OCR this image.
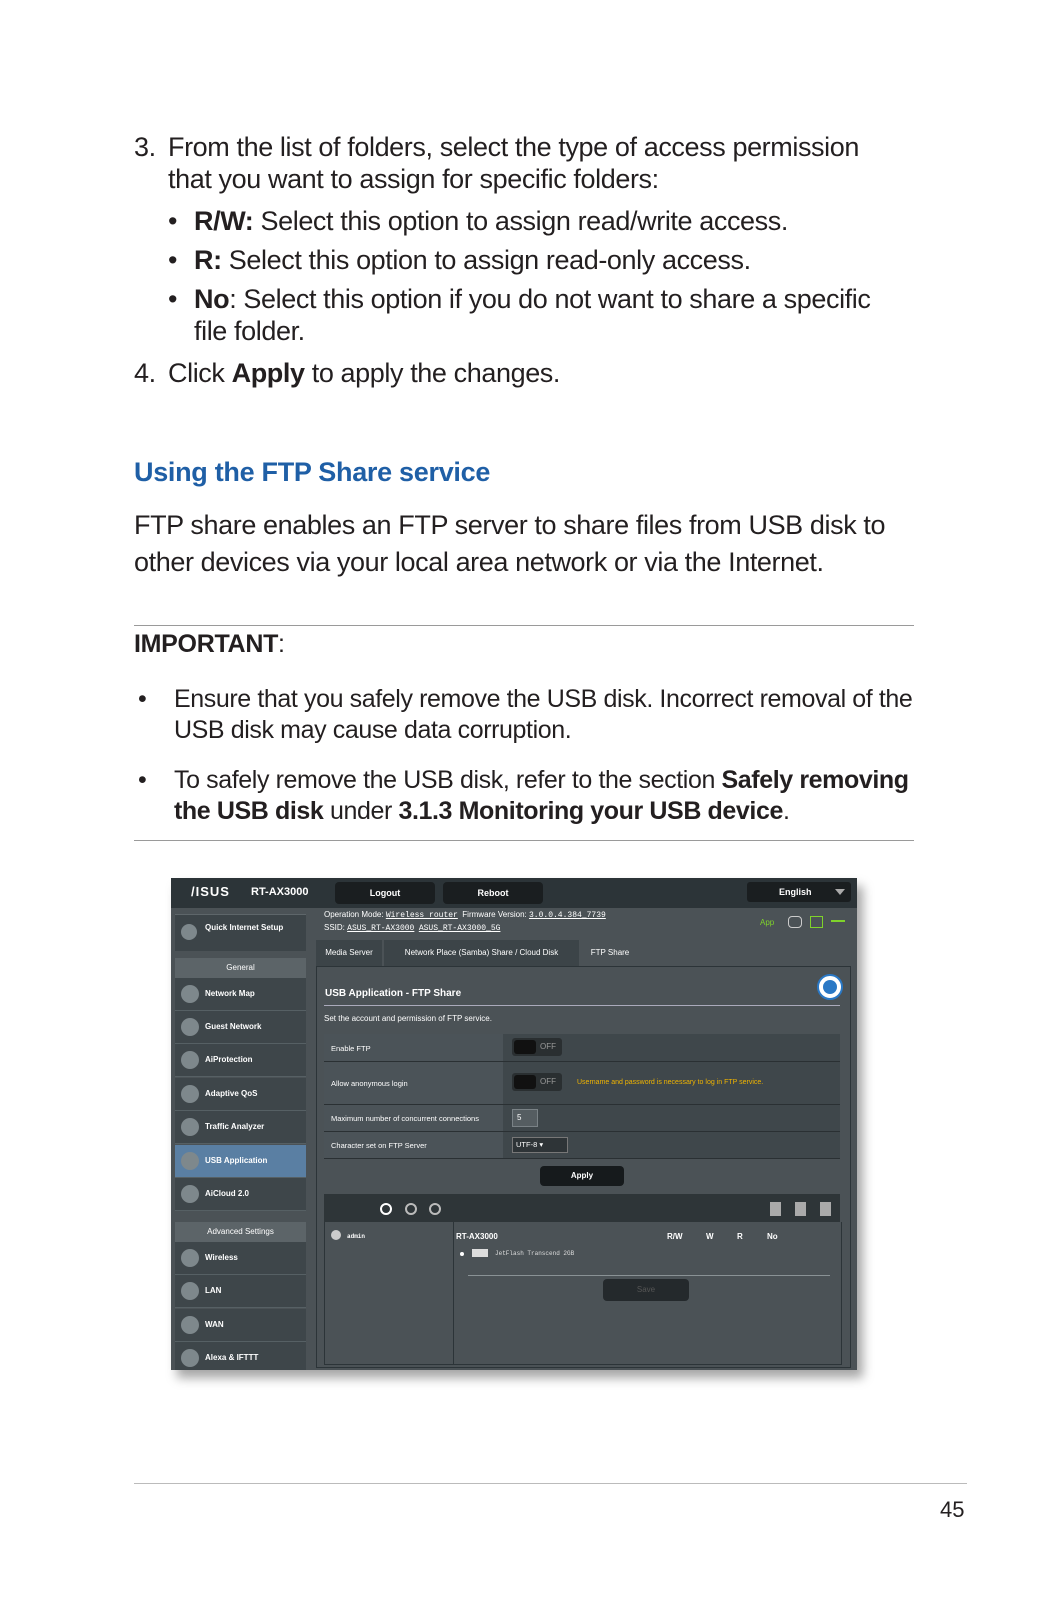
3. From the list of folders, select the type of access permission that you want to assign for specific folders:
• R/W: Select this option to assign read/write access.
• R: Select this option to assign read-only access.
• No: Select this option if you do not want to share a specific file folder.
4. Click Apply to apply the changes.
Using the FTP Share service
FTP share enables an FTP server to share files from USB disk to other devices via your local area network or via the Internet.
IMPORTANT:
• Ensure that you safely remove the USB disk. Incorrect removal of the USB disk may cause data corruption.
• To safely remove the USB disk, refer to the section Safely removing the USB disk under 3.1.3 Monitoring your USB device.
/ISUS RT-AX3000	Logout	Reboot	English
Operation Mode: Wireless router Firmware Version: 3.0.0.4.384_7739
SSID: ASUS_RT-AX3000 ASUS_RT-AX3000_5G
App
Quick Internet Setup
General
Network Map
Guest Network
AiProtection
Adaptive QoS
Traffic Analyzer
USB Application
AiCloud 2.0
Advanced Settings
Wireless
LAN
WAN
Alexa & IFTTT
Media Server	Network Place (Samba) Share / Cloud Disk	FTP Share
USB Application - FTP Share
Set the account and permission of FTP service.
Enable FTP	OFF
Allow anonymous login	OFF	Username and password is necessary to log in FTP service.
Maximum number of concurrent connections	5
Character set on FTP Server	UTF-8 ▾
Apply
admin	RT-AX3000	R/W	W	R	No
JetFlash Transcend 2GB
Save
45
